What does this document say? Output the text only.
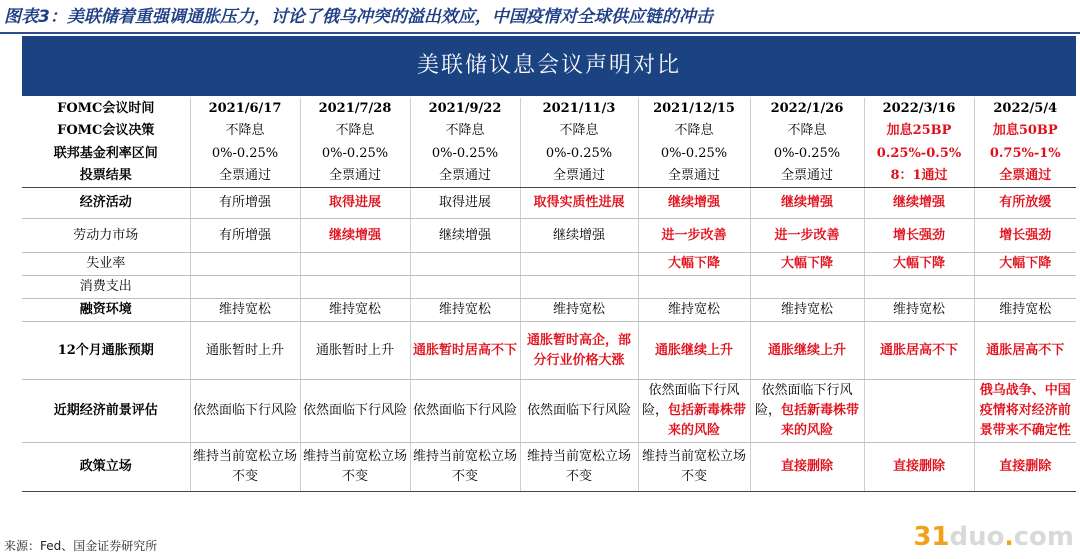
图表3：美联储着重强调通胀压力，讨论了俄乌冲突的溢出效应，中国疫情对全球供应链的冲击
美联储议息会议声明对比
FOMC会议时间	2021/6/17	2021/7/28	2021/9/22	2021/11/3	2021/12/15	2022/1/26	2022/3/16	2022/5/4
FOMC会议决策	不降息	不降息	不降息	不降息	不降息	不降息	加息25BP	加息50BP
联邦基金利率区间	0%-0.25%	0%-0.25%	0%-0.25%	0%-0.25%	0%-0.25%	0%-0.25%	0.25%-0.5%	0.75%-1%
投票结果	全票通过	全票通过	全票通过	全票通过	全票通过	全票通过	8：1通过	全票通过
经济活动	有所增强	取得进展	取得进展	取得实质性进展	继续增强	继续增强	继续增强	有所放缓
劳动力市场	有所增强	继续增强	继续增强	继续增强	进一步改善	进一步改善	增长强劲	增长强劲
失业率					大幅下降	大幅下降	大幅下降	大幅下降
消费支出								
融资环境	维持宽松	维持宽松	维持宽松	维持宽松	维持宽松	维持宽松	维持宽松	维持宽松
12个月通胀预期	通胀暂时上升	通胀暂时上升	通胀暂时居高不下	通胀暂时高企，部分行业价格大涨	通胀继续上升	通胀继续上升	通胀居高不下	通胀居高不下
近期经济前景评估	依然面临下行风险	依然面临下行风险	依然面临下行风险	依然面临下行风险	依然面临下行风险，包括新毒株带来的风险	依然面临下行风险，包括新毒株带来的风险		俄乌战争、中国疫情将对经济前景带来不确定性
政策立场	维持当前宽松立场不变	维持当前宽松立场不变	维持当前宽松立场不变	维持当前宽松立场不变	维持当前宽松立场不变	直接删除	直接删除	直接删除
来源：Fed、国金证券研究所	31duo.com
